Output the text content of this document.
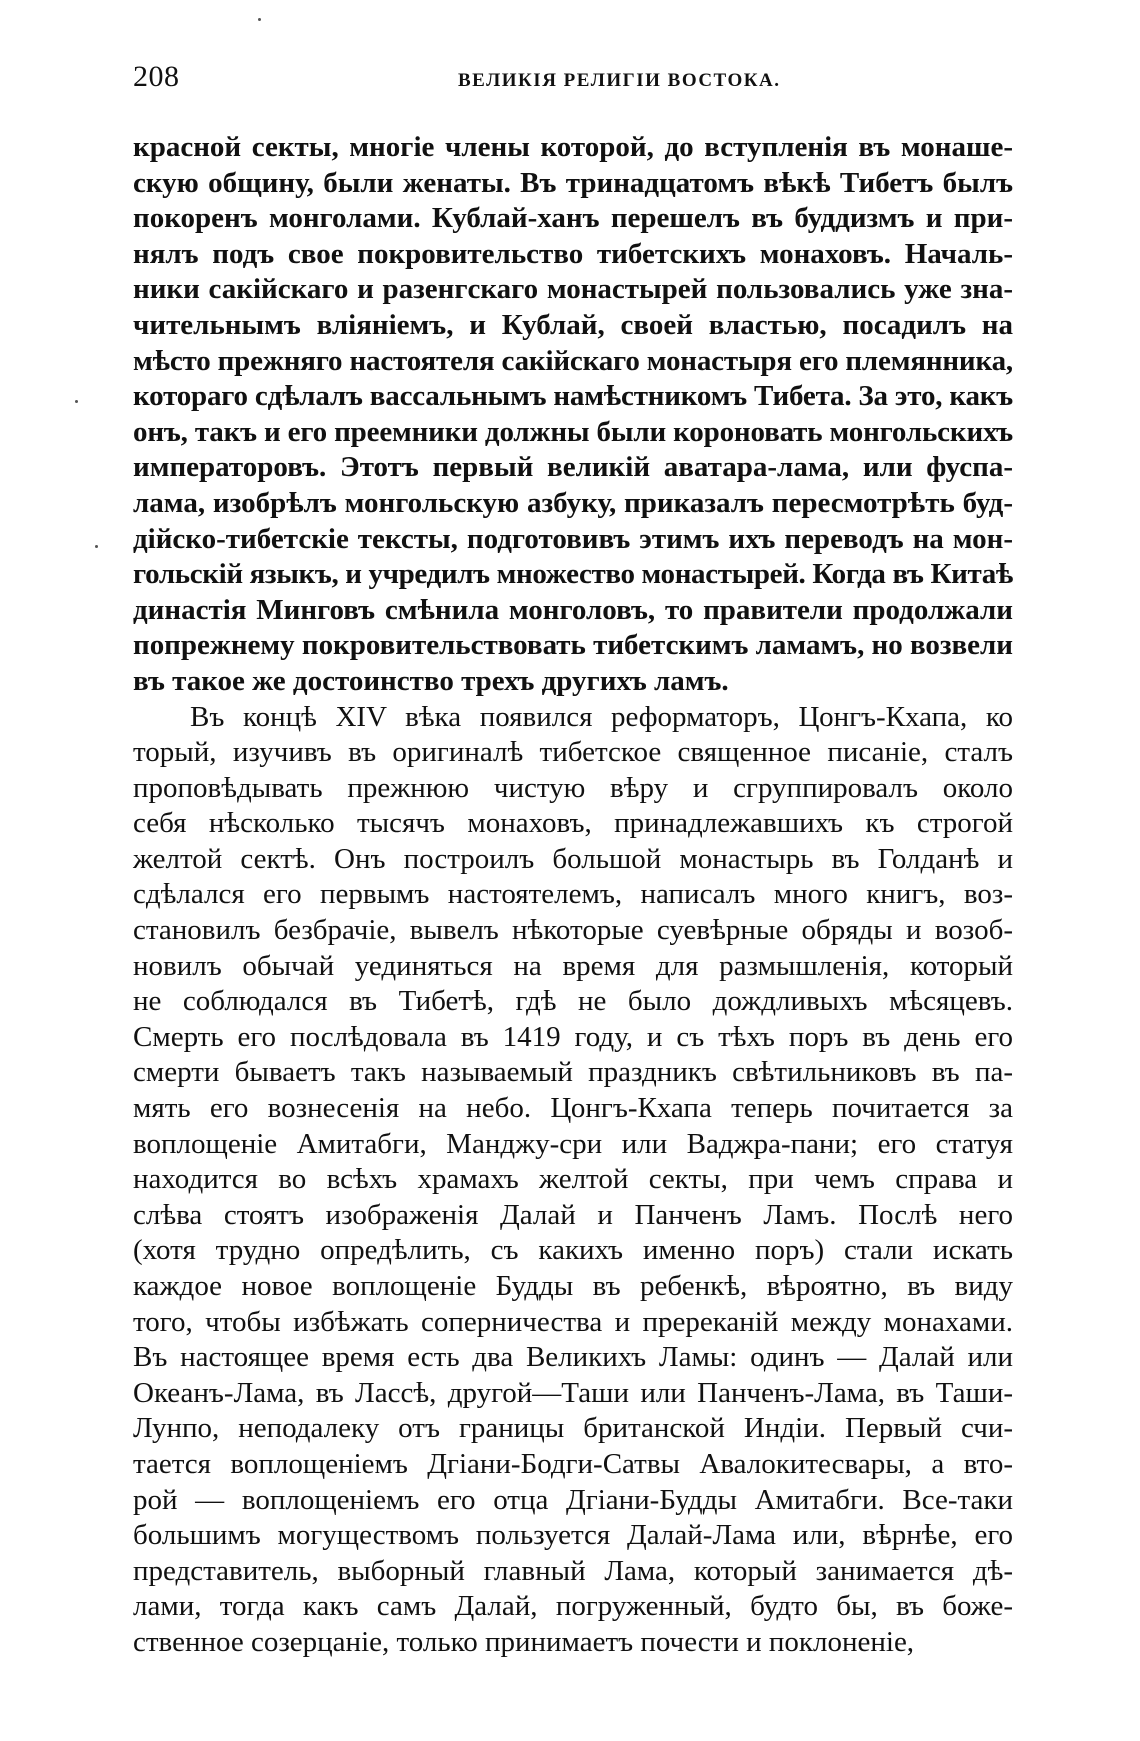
208	ВЕЛИКІЯ РЕЛИГІИ ВОСТОКА.
красной секты, многіе члены которой, до вступленія въ монаше-
скую общину, были женаты. Въ тринадцатомъ вѣкѣ Тибетъ былъ
покоренъ монголами. Кублай-ханъ перешелъ въ буддизмъ и при-
нялъ подъ свое покровительство тибетскихъ монаховъ. Началь-
ники сакійскаго и разенгскаго монастырей пользовались уже зна-
чительнымъ вліяніемъ, и Кублай, своей властью, посадилъ на
мѣсто прежняго настоятеля сакійскаго монастыря его племянника,
котораго сдѣлалъ вассальнымъ намѣстникомъ Тибета. За это, какъ
онъ, такъ и его преемники должны были короновать монгольскихъ
императоровъ. Этотъ первый великій аватара-лама, или фуспа-
лама, изобрѣлъ монгольскую азбуку, приказалъ пересмотрѣть буд-
дійско-тибетскіе тексты, подготовивъ этимъ ихъ переводъ на мон-
гольскій языкъ, и учредилъ множество монастырей. Когда въ Китаѣ
династія Минговъ смѣнила монголовъ, то правители продолжали
попрежнему покровительствовать тибетскимъ ламамъ, но возвели
въ такое же достоинство трехъ другихъ ламъ.
Въ концѣ XIV вѣка появился реформаторъ, Цонгъ-Кхапа, ко
торый, изучивъ въ оригиналѣ тибетское священное писаніе, сталъ
проповѣдывать прежнюю чистую вѣру и сгруппировалъ около
себя нѣсколько тысячъ монаховъ, принадлежавшихъ къ строгой
желтой сектѣ. Онъ построилъ большой монастырь въ Голданѣ и
сдѣлался его первымъ настоятелемъ, написалъ много книгъ, воз-
становилъ безбрачіе, вывелъ нѣкоторые суевѣрные обряды и возоб-
новилъ обычай уединяться на время для размышленія, который
не соблюдался въ Тибетѣ, гдѣ не было дождливыхъ мѣсяцевъ.
Смерть его послѣдовала въ 1419 году, и съ тѣхъ поръ въ день его
смерти бываетъ такъ называемый праздникъ свѣтильниковъ въ па-
мять его вознесенія на небо. Цонгъ-Кхапа теперь почитается за
воплощеніе Амитабги, Манджу-сри или Ваджра-пани; его статуя
находится во всѣхъ храмахъ желтой секты, при чемъ справа и
слѣва стоятъ изображенія Далай и Панченъ Ламъ. Послѣ него
(хотя трудно опредѣлить, съ какихъ именно поръ) стали искать
каждое новое воплощеніе Будды въ ребенкѣ, вѣроятно, въ виду
того, чтобы избѣжать соперничества и пререканій между монахами.
Въ настоящее время есть два Великихъ Ламы: одинъ — Далай или
Океанъ-Лама, въ Лассѣ, другой—Таши или Панченъ-Лама, въ Таши-
Лунпо, неподалеку отъ границы британской Индіи. Первый счи-
тается воплощеніемъ Дгіани-Бодги-Сатвы Авалокитесвары, а вто-
рой — воплощеніемъ его отца Дгіани-Будды Амитабги. Все-таки
большимъ могуществомъ пользуется Далай-Лама или, вѣрнѣе, его
представитель, выборный главный Лама, который занимается дѣ-
лами, тогда какъ самъ Далай, погруженный, будто бы, въ боже-
ственное созерцаніе, только принимаетъ почести и поклоненіе,
